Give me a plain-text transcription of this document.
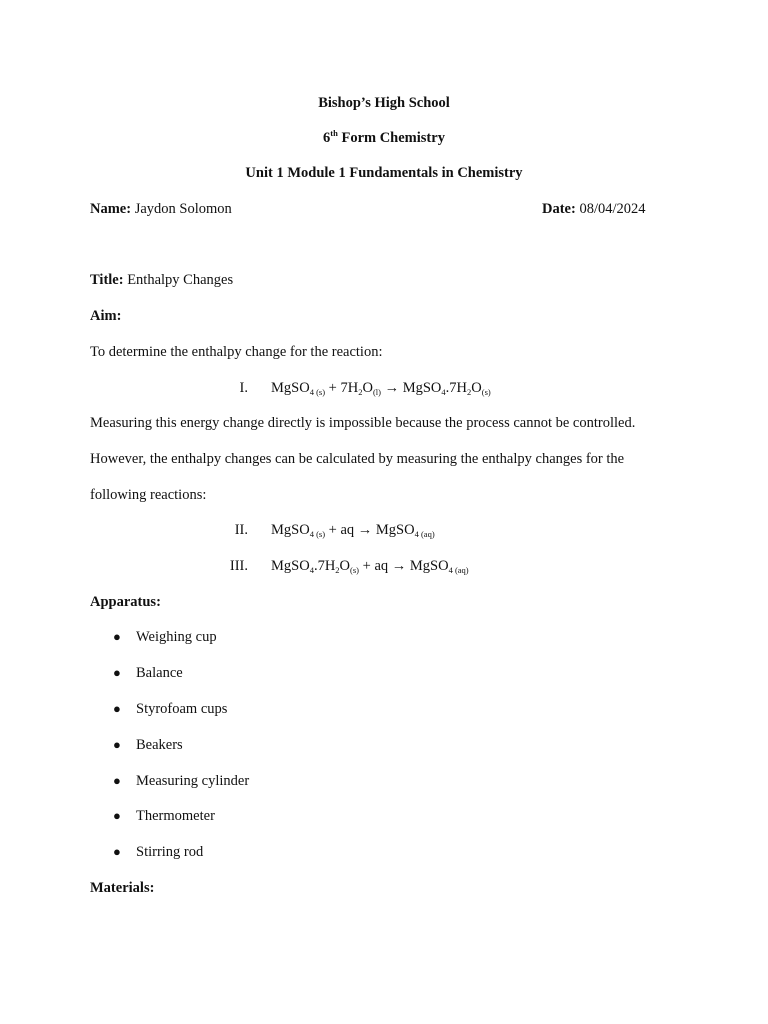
Bishop’s High School
6th Form Chemistry
Unit 1 Module 1 Fundamentals in Chemistry
Name: Jaydon Solomon	Date: 08/04/2024
Title: Enthalpy Changes
Aim:
To determine the enthalpy change for the reaction:
I. MgSO$_{4 (s)}$ + $7H_2O_{(l)}$ → $MgSO_4.7H_2O_{(s)}$
Measuring this energy change directly is impossible because the process cannot be controlled.
However, the enthalpy changes can be calculated by measuring the enthalpy changes for the
following reactions:
II. MgSO$_{4 (s)}$ + aq → MgSO$_{4 (aq)}$
III. $MgSO_4.7H_2O_{(s)}$ + aq → MgSO$_{4 (aq)}$
Apparatus:
● Weighing cup
● Balance
● Styrofoam cups
● Beakers
● Measuring cylinder
● Thermometer
● Stirring rod
Materials:
